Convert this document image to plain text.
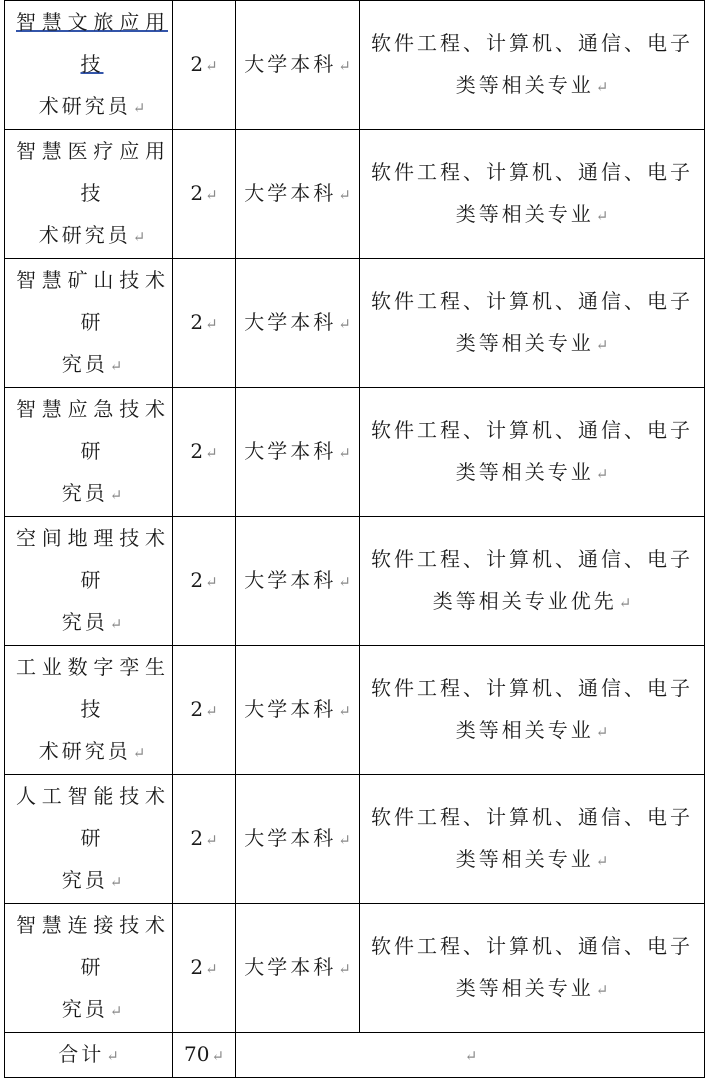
智慧文旅应用技
术研究员 ↵	2 ↵	大学本科 ↵	软件工程、计算机、通信、电子
类等相关专业 ↵

智慧医疗应用技
术研究员 ↵	2 ↵	大学本科 ↵	软件工程、计算机、通信、电子
类等相关专业 ↵

智慧矿山技术研
究员 ↵	2 ↵	大学本科 ↵	软件工程、计算机、通信、电子
类等相关专业 ↵

智慧应急技术研
究员 ↵	2 ↵	大学本科 ↵	软件工程、计算机、通信、电子
类等相关专业 ↵

空间地理技术研
究员 ↵	2 ↵	大学本科 ↵	软件工程、计算机、通信、电子
类等相关专业优先 ↵

工业数字孪生技
术研究员 ↵	2 ↵	大学本科 ↵	软件工程、计算机、通信、电子
类等相关专业 ↵

人工智能技术研
究员 ↵	2 ↵	大学本科 ↵	软件工程、计算机、通信、电子
类等相关专业 ↵

智慧连接技术研
究员 ↵	2 ↵	大学本科 ↵	软件工程、计算机、通信、电子
类等相关专业 ↵

合计 ↵	70 ↵	↵	
